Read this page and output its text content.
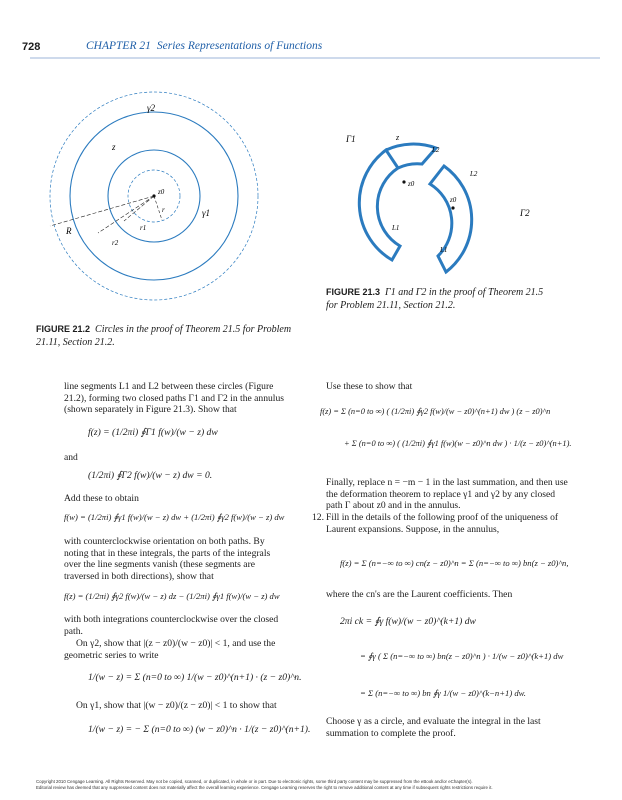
728	CHAPTER 21 Series Representations of Functions
γ2
z
z0
r	γ1
r1
R
r2
FIGURE 21.2 Circles in the proof of Theorem 21.5 for Problem 21.11, Section 21.2.
Γ1	z
L2
L2
z0
z0
Γ2
L1
L1
FIGURE 21.3 Γ1 and Γ2 in the proof of Theorem 21.5 for Problem 21.11, Section 21.2.
line segments L1 and L2 between these circles (Figure 21.2), forming two closed paths Γ1 and Γ2 in the annulus (shown separately in Figure 21.3). Show that
f(z) = (1/2πi) ∮Γ1 f(w)/(w − z) dw
and
(1/2πi) ∮Γ2 f(w)/(w − z) dw = 0.
Add these to obtain
f(w) = (1/2πi) ∮γ1 f(w)/(w − z) dw + (1/2πi) ∮γ2 f(w)/(w − z) dw
with counterclockwise orientation on both paths. By noting that in these integrals, the parts of the integrals over the line segments vanish (these segments are traversed in both directions), show that
f(z) = (1/2πi) ∮γ2 f(w)/(w − z) dz − (1/2πi) ∮γ1 f(w)/(w − z) dw
with both integrations counterclockwise over the closed path.
On γ2, show that |(z − z0)/(w − z0)| < 1, and use the geometric series to write
1/(w − z) = Σ (n=0 to ∞) 1/(w − z0)^(n+1) · (z − z0)^n.
On γ1, show that |(w − z0)/(z − z0)| < 1 to show that
1/(w − z) = − Σ (n=0 to ∞) (w − z0)^n · 1/(z − z0)^(n+1).
Use these to show that
f(z) = Σ (n=0 to ∞) ( (1/2πi) ∮γ2 f(w)/(w − z0)^(n+1) dw ) (z − z0)^n
+ Σ (n=0 to ∞) ( (1/2πi) ∮γ1 f(w)(w − z0)^n dw ) · 1/(z − z0)^(n+1).
Finally, replace n = −m − 1 in the last summation, and then use the deformation theorem to replace γ1 and γ2 by any closed path Γ about z0 and in the annulus.
12. Fill in the details of the following proof of the uniqueness of Laurent expansions. Suppose, in the annulus,
f(z) = Σ (n=−∞ to ∞) cn(z − z0)^n = Σ (n=−∞ to ∞) bn(z − z0)^n,
where the cn's are the Laurent coefficients. Then
2πi ck = ∮γ f(w)/(w − z0)^(k+1) dw
= ∮γ ( Σ (n=−∞ to ∞) bn(z − z0)^n ) · 1/(w − z0)^(k+1) dw
= Σ (n=−∞ to ∞) bn ∮γ 1/(w − z0)^(k−n+1) dw.
Choose γ as a circle, and evaluate the integral in the last summation to complete the proof.
Copyright 2010 Cengage Learning. All Rights Reserved. May not be copied, scanned, or duplicated, in whole or in part. Due to electronic rights, some third party content may be suppressed from the eBook and/or eChapter(s).
Editorial review has deemed that any suppressed content does not materially affect the overall learning experience. Cengage Learning reserves the right to remove additional content at any time if subsequent rights restrictions require it.
